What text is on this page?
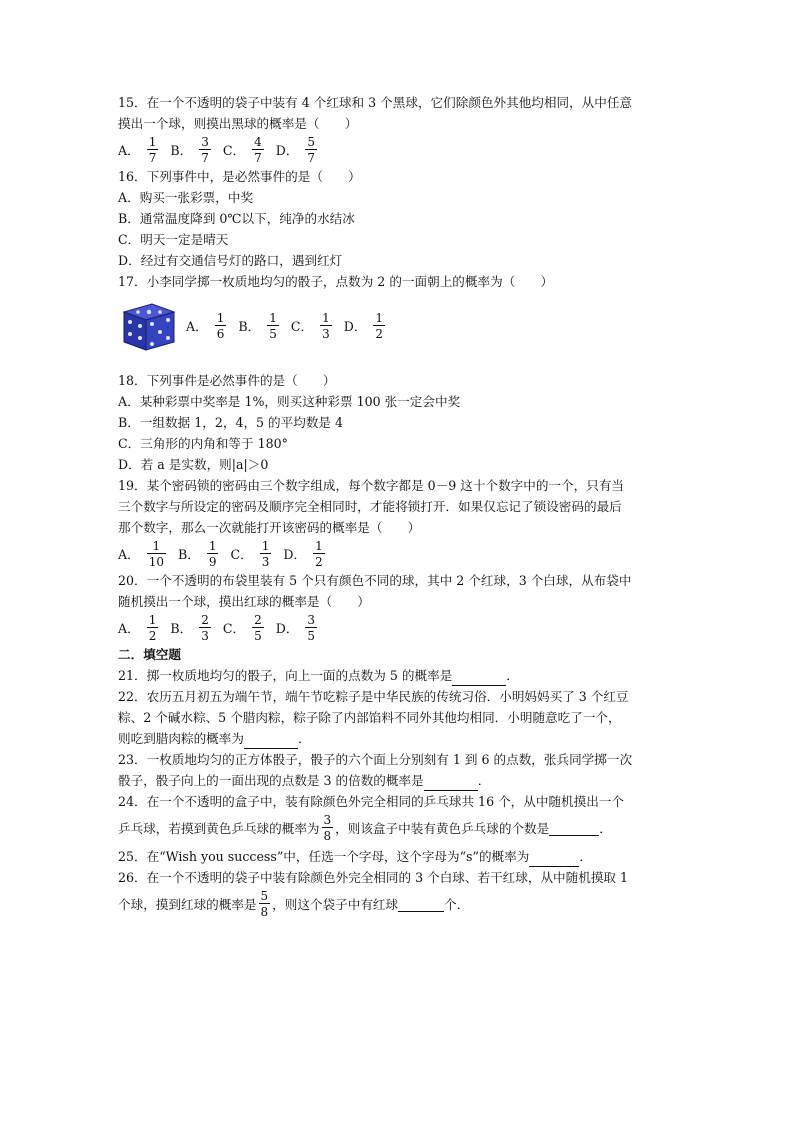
15．在一个不透明的袋子中装有 4 个红球和 3 个黑球，它们除颜色外其他均相同，从中任意
摸出一个球，则摸出黑球的概率是（　　）
A． $\frac{1}{7}$ B． $\frac{3}{7}$ C． $\frac{4}{7}$ D． $\frac{5}{7}$
16．下列事件中，是必然事件的是（　　）
A．购买一张彩票，中奖
B．通常温度降到 0℃以下，纯净的水结冰
C．明天一定是晴天
D．经过有交通信号灯的路口，遇到红灯
17．小李同学掷一枚质地均匀的骰子，点数为 2 的一面朝上的概率为（　　）
A． $\frac{1}{6}$ B． $\frac{1}{5}$ C． $\frac{1}{3}$ D． $\frac{1}{2}$
18．下列事件是必然事件的是（　　）
A．某种彩票中奖率是 1%，则买这种彩票 100 张一定会中奖
B．一组数据 1，2，4，5 的平均数是 4
C．三角形的内角和等于 180°
D．若 a 是实数，则|a|＞0
19．某个密码锁的密码由三个数字组成，每个数字都是 0－9 这十个数字中的一个，只有当
三个数字与所设定的密码及顺序完全相同时，才能将锁打开．如果仅忘记了锁设密码的最后
那个数字，那么一次就能打开该密码的概率是（　　）
A． $\frac{1}{10}$ B． $\frac{1}{9}$ C． $\frac{1}{3}$ D． $\frac{1}{2}$
20．一个不透明的布袋里装有 5 个只有颜色不同的球，其中 2 个红球，3 个白球，从布袋中
随机摸出一个球，摸出红球的概率是（　　）
A． $\frac{1}{2}$ B． $\frac{2}{3}$ C． $\frac{2}{5}$ D． $\frac{3}{5}$
二．填空题
21．掷一枚质地均匀的骰子，向上一面的点数为 5 的概率是	．
22．农历五月初五为端午节，端午节吃粽子是中华民族的传统习俗．小明妈妈买了 3 个红豆
粽、2 个碱水粽、5 个腊肉粽，粽子除了内部馅料不同外其他均相同．小明随意吃了一个，
则吃到腊肉粽的概率为	．
23．一枚质地均匀的正方体骰子，骰子的六个面上分别刻有 1 到 6 的点数，张兵同学掷一次
骰子，骰子向上的一面出现的点数是 3 的倍数的概率是	．
24．在一个不透明的盒子中，装有除颜色外完全相同的乒乓球共 16 个，从中随机摸出一个
乒乓球，若摸到黄色乒乓球的概率为 $\frac{3}{8}$ ，则该盒子中装有黄色乒乓球的个数是	．
25．在“Wish you success”中，任选一个字母，这个字母为“s”的概率为	．
26．在一个不透明的袋子中装有除颜色外完全相同的 3 个白球、若干红球，从中随机摸取 1
个球，摸到红球的概率是 $\frac{5}{8}$ ，则这个袋子中有红球	个．
